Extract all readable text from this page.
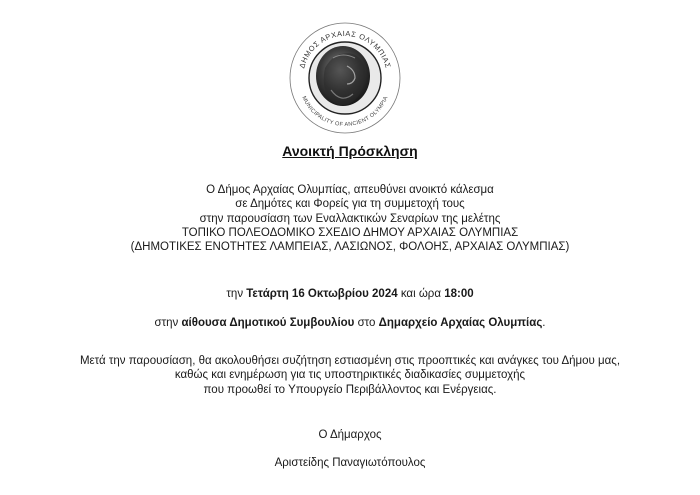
ΔΗΜΟΣ ΑΡΧΑΙΑΣ ΟΛΥΜΠΙΑΣ
MUNICIPALITY OF ANCIENT OLYMPIA
Ανοικτή Πρόσκληση
Ο Δήμος Αρχαίας Ολυμπίας, απευθύνει ανοικτό κάλεσμα
σε Δημότες και Φορείς για τη συμμετοχή τους
στην παρουσίαση των Εναλλακτικών Σεναρίων της μελέτης
ΤΟΠΙΚΟ ΠΟΛΕΟΔΟΜΙΚΟ ΣΧΕΔΙΟ ΔΗΜΟΥ ΑΡΧΑΙΑΣ ΟΛΥΜΠΙΑΣ
(ΔΗΜΟΤΙΚΕΣ ΕΝΟΤΗΤΕΣ ΛΑΜΠΕΙΑΣ, ΛΑΣΙΩΝΟΣ, ΦΟΛΟΗΣ, ΑΡΧΑΙΑΣ ΟΛΥΜΠΙΑΣ)
την Τετάρτη 16 Οκτωβρίου 2024 και ώρα 18:00
στην αίθουσα Δημοτικού Συμβουλίου στο Δημαρχείο Αρχαίας Ολυμπίας.
Μετά την παρουσίαση, θα ακολουθήσει συζήτηση εστιασμένη στις προοπτικές και ανάγκες του Δήμου μας,
καθώς και ενημέρωση για τις υποστηρικτικές διαδικασίες συμμετοχής
που προωθεί το Υπουργείο Περιβάλλοντος και Ενέργειας.
Ο Δήμαρχος
Αριστείδης Παναγιωτόπουλος
